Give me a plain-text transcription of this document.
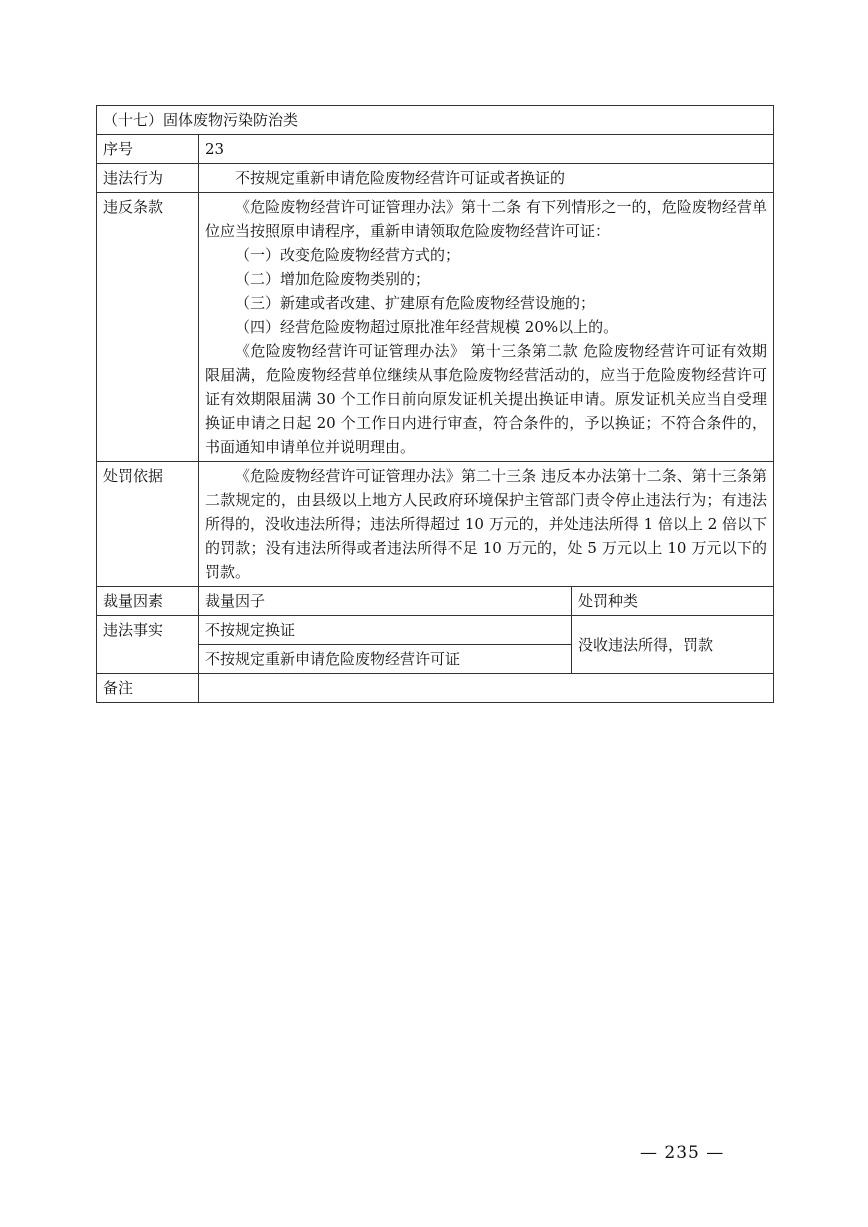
（十七）固体废物污染防治类		
序号	23	
违法行为	不按规定重新申请危险废物经营许可证或者换证的	

违反条款	《危险废物经营许可证管理办法》第十二条 有下列情形之一的，危险废物经营单位应当按照原申请程序，重新申请领取危险废物经营许可证：

（一）改变危险废物经营方式的；

（二）增加危险废物类别的；

（三）新建或者改建、扩建原有危险废物经营设施的；

（四）经营危险废物超过原批准年经营规模 20%以上的。

《危险废物经营许可证管理办法》 第十三条第二款 危险废物经营许可证有效期限届满，危险废物经营单位继续从事危险废物经营活动的，应当于危险废物经营许可证有效期限届满 30 个工作日前向原发证机关提出换证申请。原发证机关应当自受理换证申请之日起 20 个工作日内进行审查，符合条件的，予以换证；不符合条件的，书面通知申请单位并说明理由。

处罚依据	《危险废物经营许可证管理办法》第二十三条 违反本办法第十二条、第十三条第二款规定的，由县级以上地方人民政府环境保护主管部门责令停止违法行为；有违法所得的，没收违法所得；违法所得超过 10 万元的，并处违法所得 1 倍以上 2 倍以下的罚款；没有违法所得或者违法所得不足 10 万元的，处 5 万元以上 10 万元以下的罚款。	

裁量因素	裁量因子	处罚种类
违法事实	不按规定换证	没收违法所得，罚款
	不按规定重新申请危险废物经营许可证	
备注		
— 235 —
